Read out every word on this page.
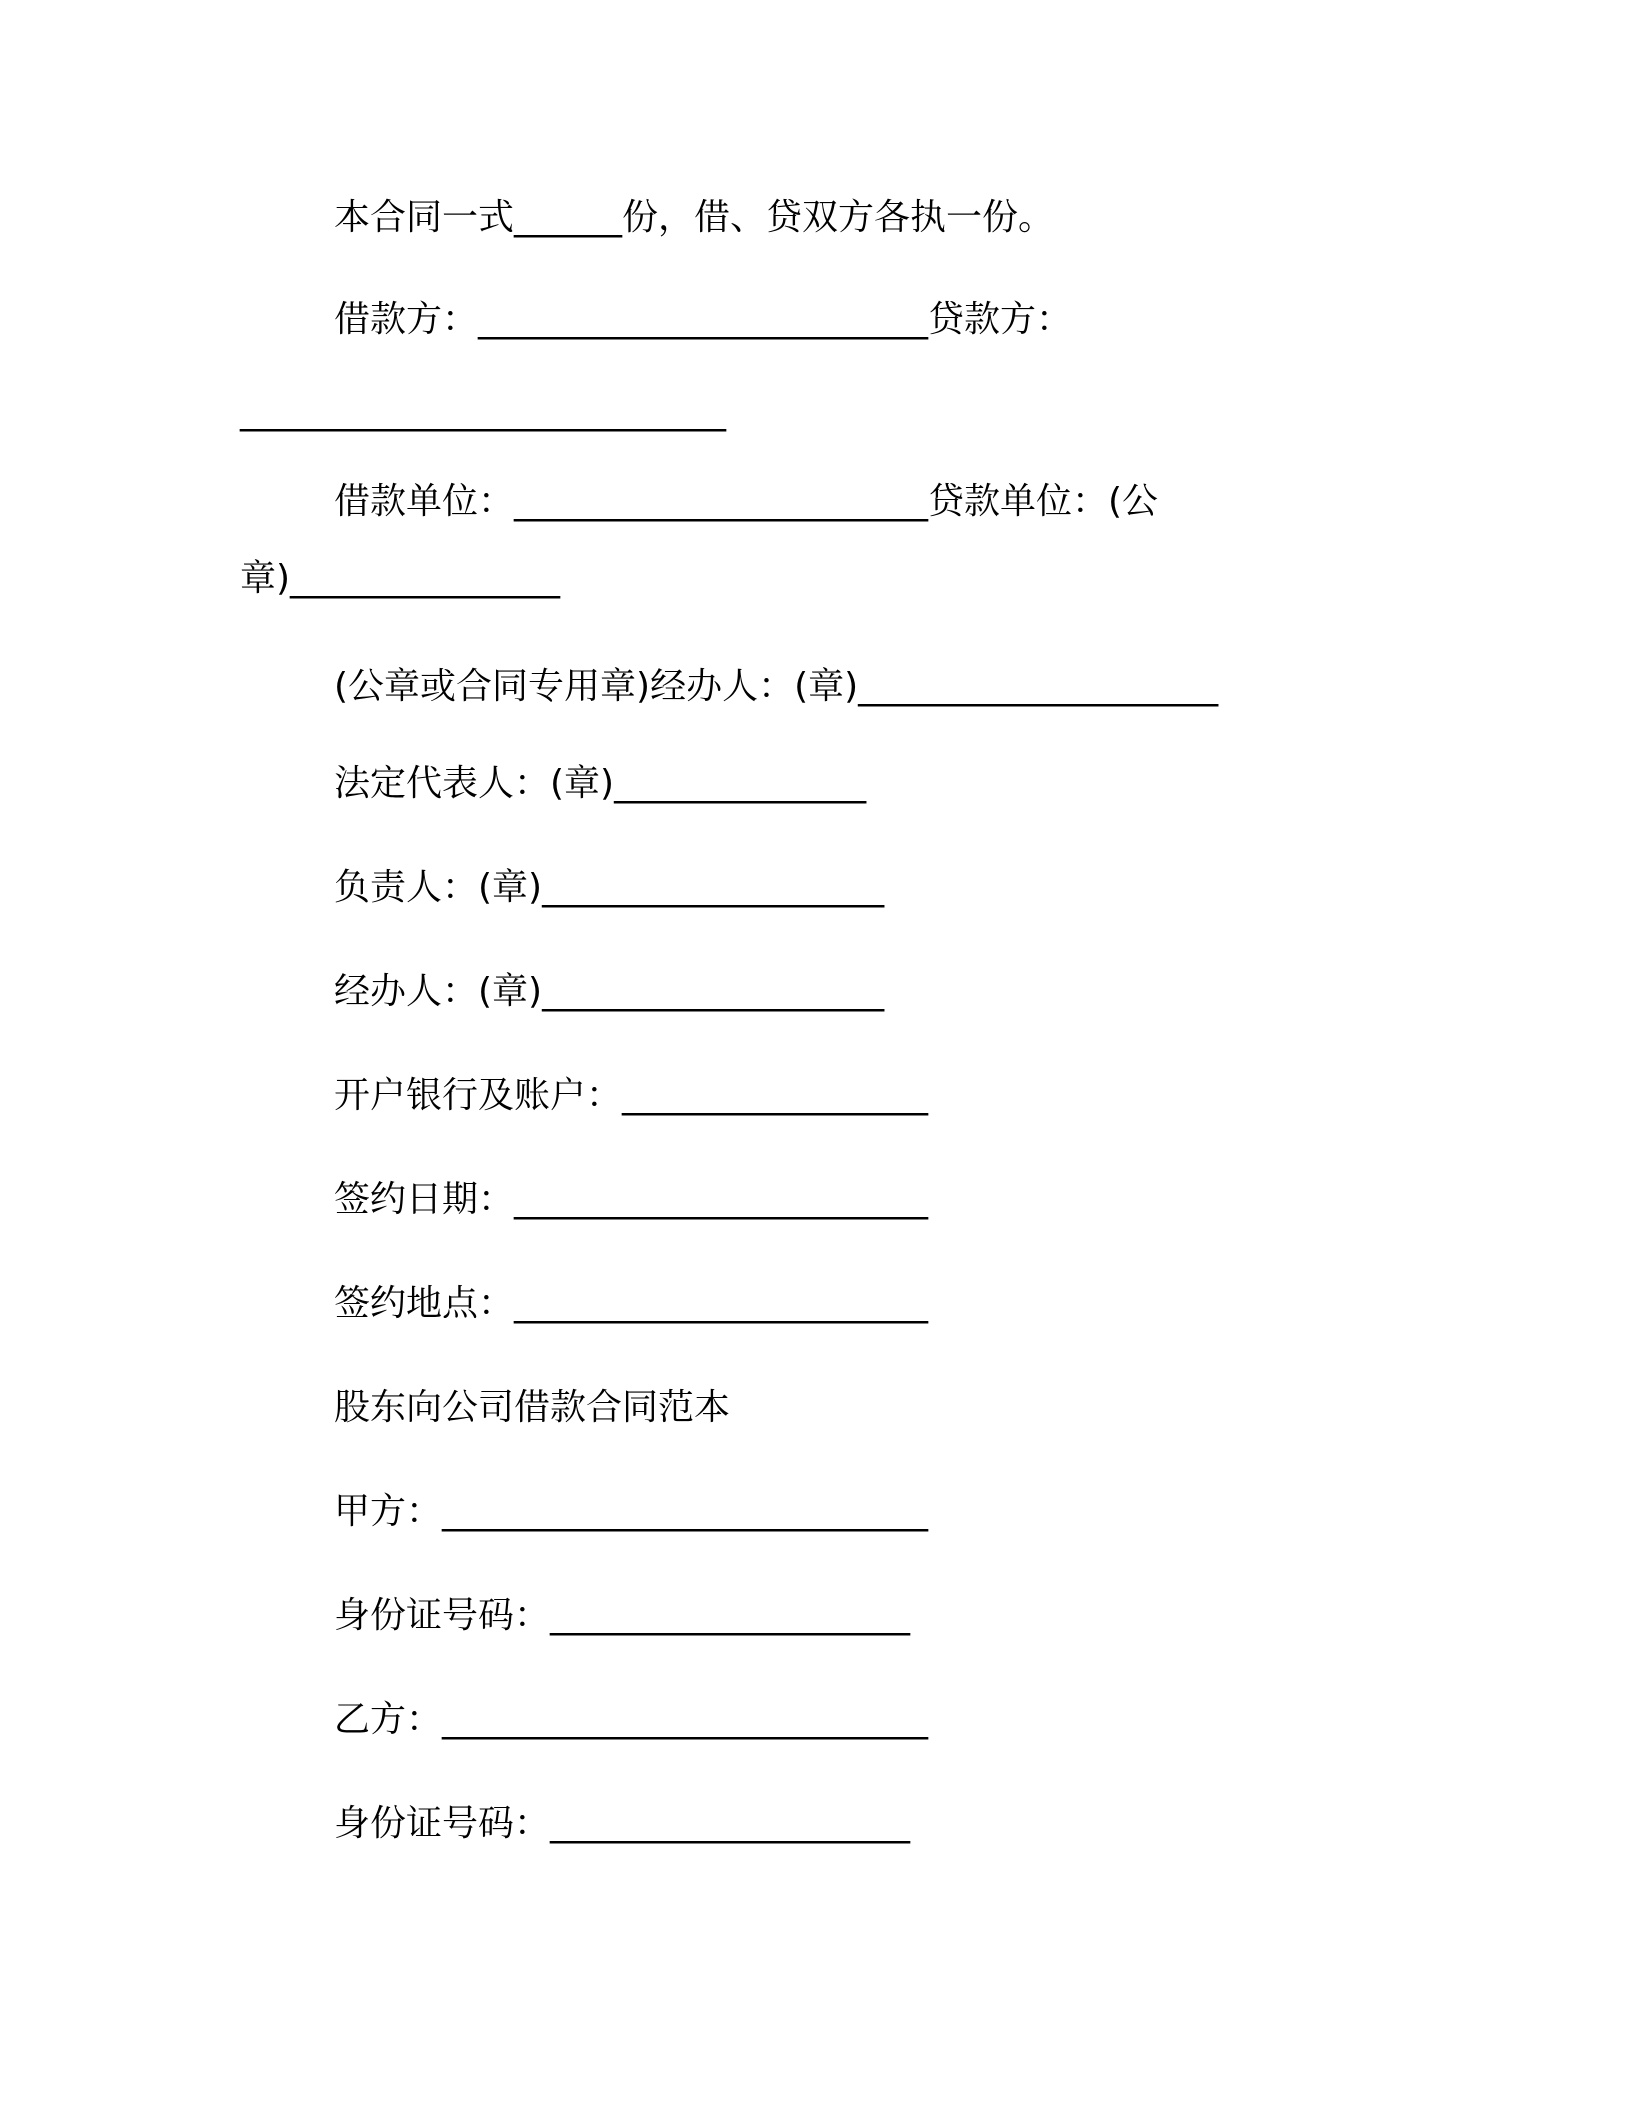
本合同一式______份，借、贷双方各执一份。
借款方：_________________________贷款方：
___________________________
借款单位：_______________________贷款单位：(公
章)_______________
(公章或合同专用章)经办人：(章)____________________
法定代表人：(章)______________
负责人：(章)___________________
经办人：(章)___________________
开户银行及账户：_________________
签约日期：_______________________
签约地点：_______________________
股东向公司借款合同范本
甲方：___________________________
身份证号码：____________________
乙方：___________________________
身份证号码：____________________
